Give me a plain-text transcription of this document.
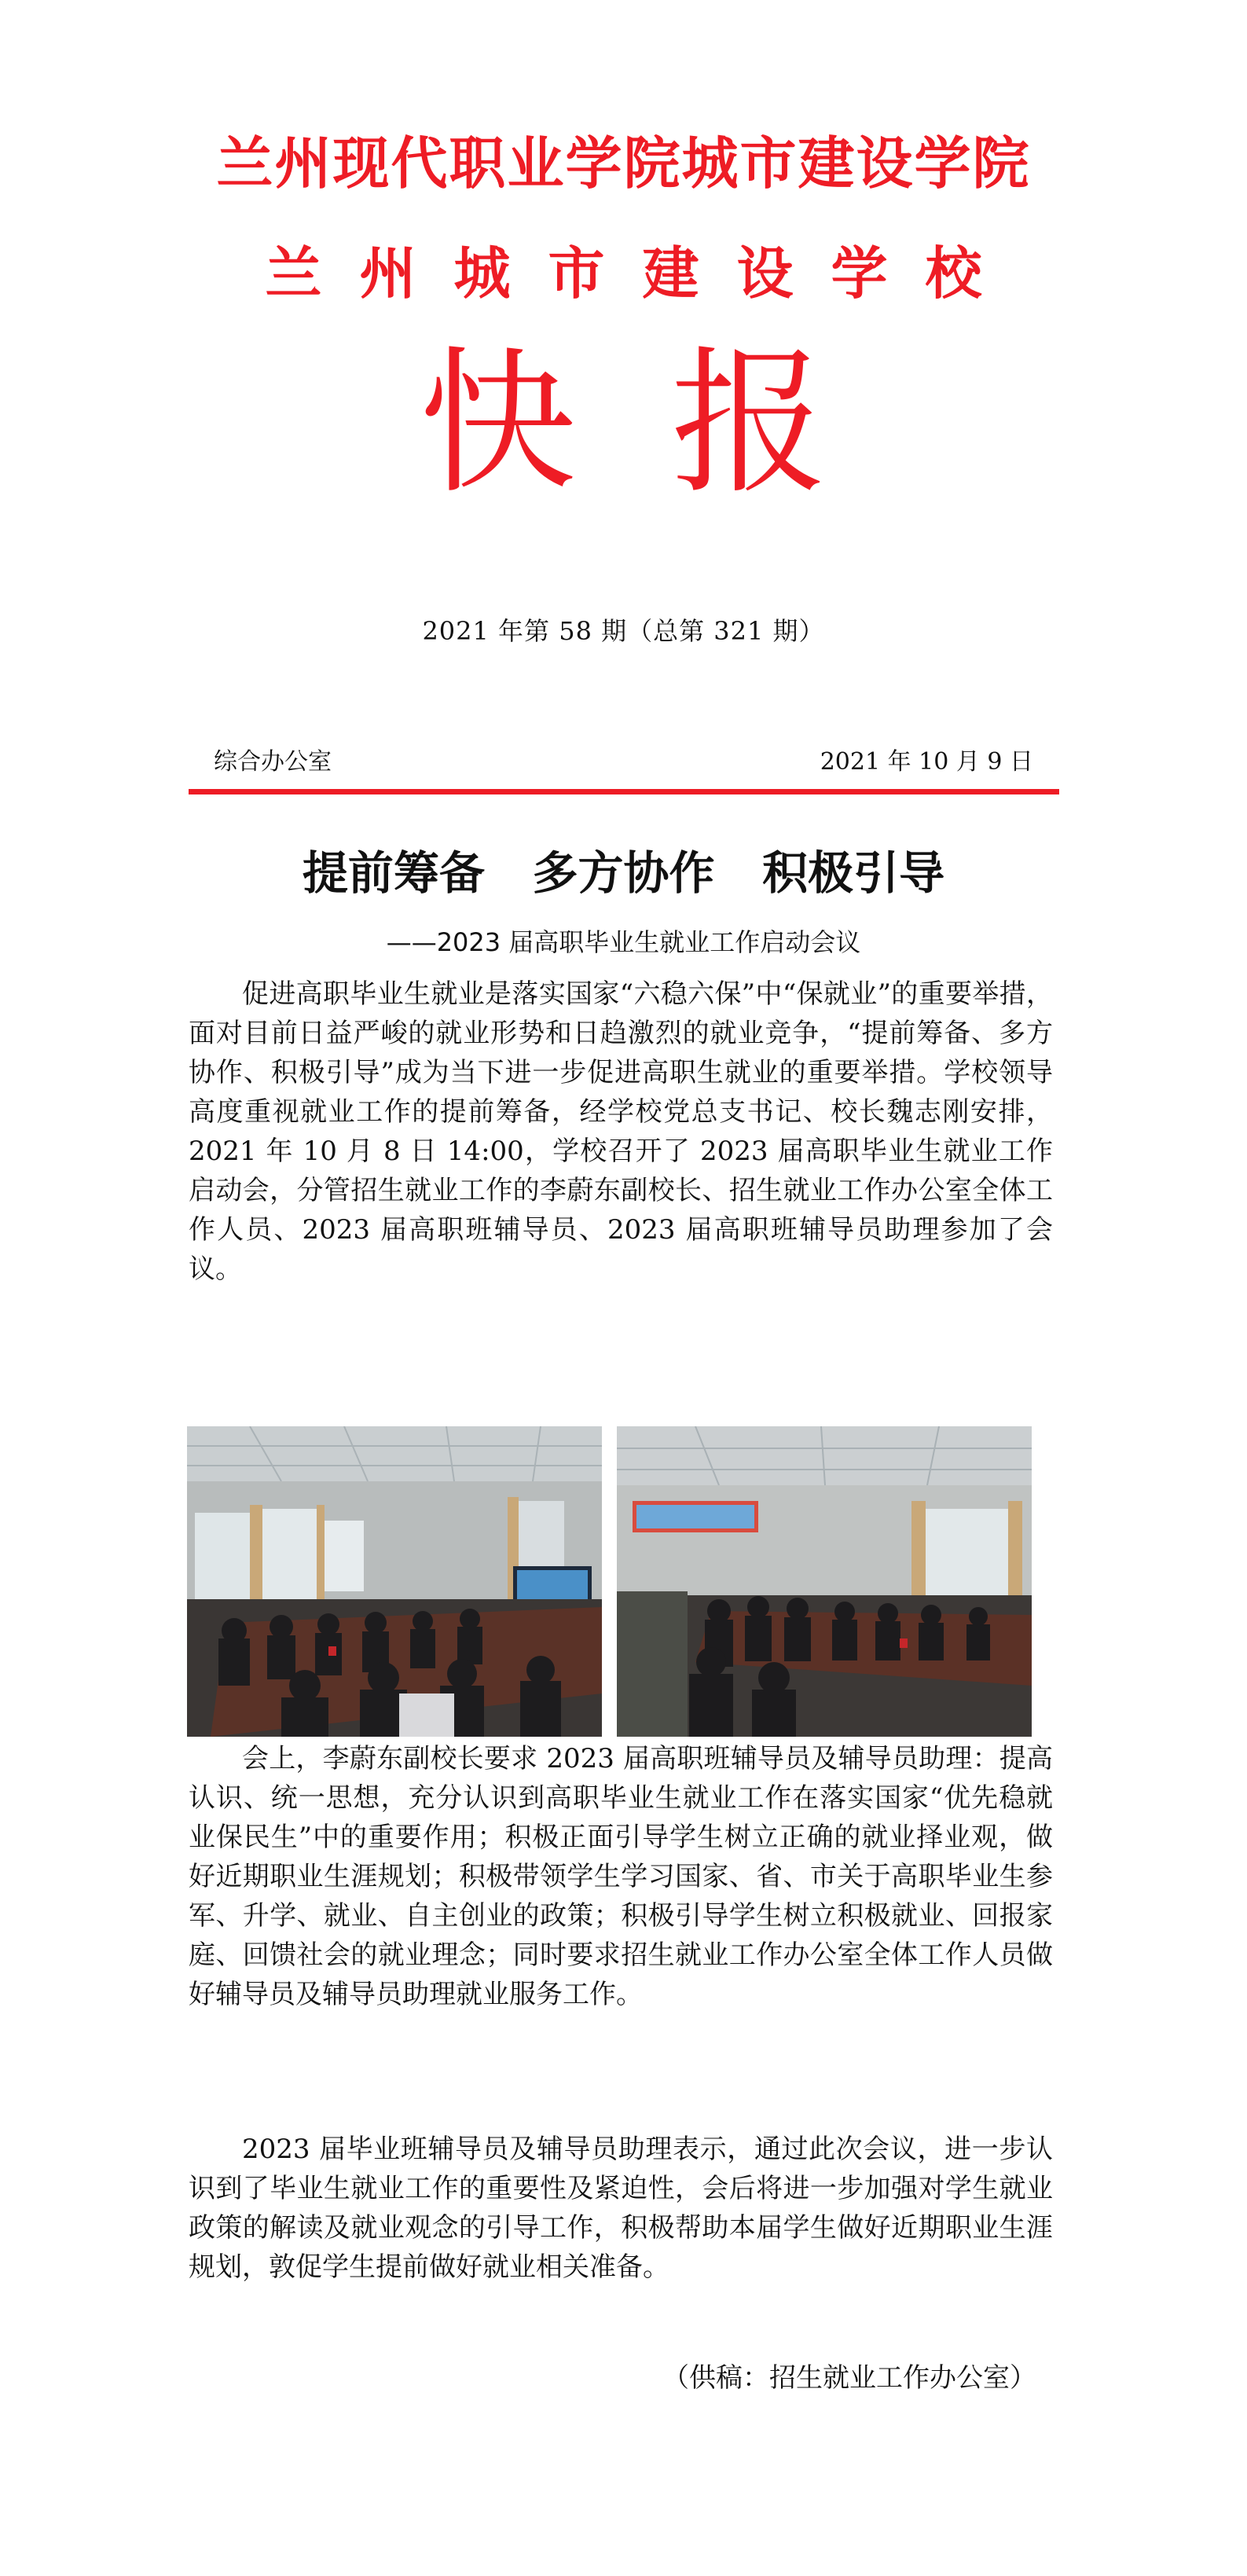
兰州现代职业学院城市建设学院
兰州城市建设学校
快报
2021 年第 58 期（总第 321 期）
综合办公室	2021 年 10 月 9 日
提前筹备   多方协作   积极引导
——2023 届高职毕业生就业工作启动会议

促进高职毕业生就业是落实国家“六稳六保”中“保就业”的重要举措，面对目前日益严峻的就业形势和日趋激烈的就业竞争，“提前筹备、多方协作、积极引导”成为当下进一步促进高职生就业的重要举措。学校领导高度重视就业工作的提前筹备，经学校党总支书记、校长魏志刚安排，2021 年 10 月 8 日 14:00，学校召开了 2023 届高职毕业生就业工作启动会，分管招生就业工作的李蔚东副校长、招生就业工作办公室全体工作人员、2023 届高职班辅导员、2023 届高职班辅导员助理参加了会议。

会上，李蔚东副校长要求 2023 届高职班辅导员及辅导员助理：提高认识、统一思想，充分认识到高职毕业生就业工作在落实国家“优先稳就业保民生”中的重要作用；积极正面引导学生树立正确的就业择业观，做好近期职业生涯规划；积极带领学生学习国家、省、市关于高职毕业生参军、升学、就业、自主创业的政策；积极引导学生树立积极就业、回报家庭、回馈社会的就业理念；同时要求招生就业工作办公室全体工作人员做好辅导员及辅导员助理就业服务工作。

2023 届毕业班辅导员及辅导员助理表示，通过此次会议，进一步认识到了毕业生就业工作的重要性及紧迫性，会后将进一步加强对学生就业政策的解读及就业观念的引导工作，积极帮助本届学生做好近期职业生涯规划，敦促学生提前做好就业相关准备。

（供稿：招生就业工作办公室）
